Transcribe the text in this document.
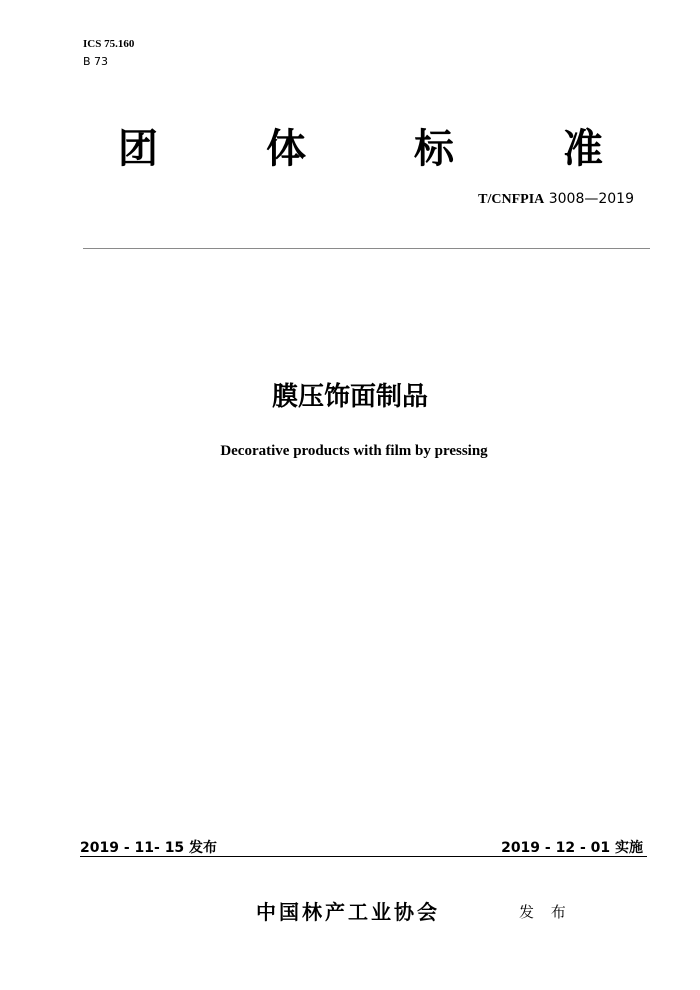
ICS 75.160
B 73
团	体	标	准
T/CNFPIA 3008—2019
膜压饰面制品
Decorative products with film by pressing
2019 - 11- 15 发布	2019 - 12 - 01 实施
中国林产工业协会	发 布
